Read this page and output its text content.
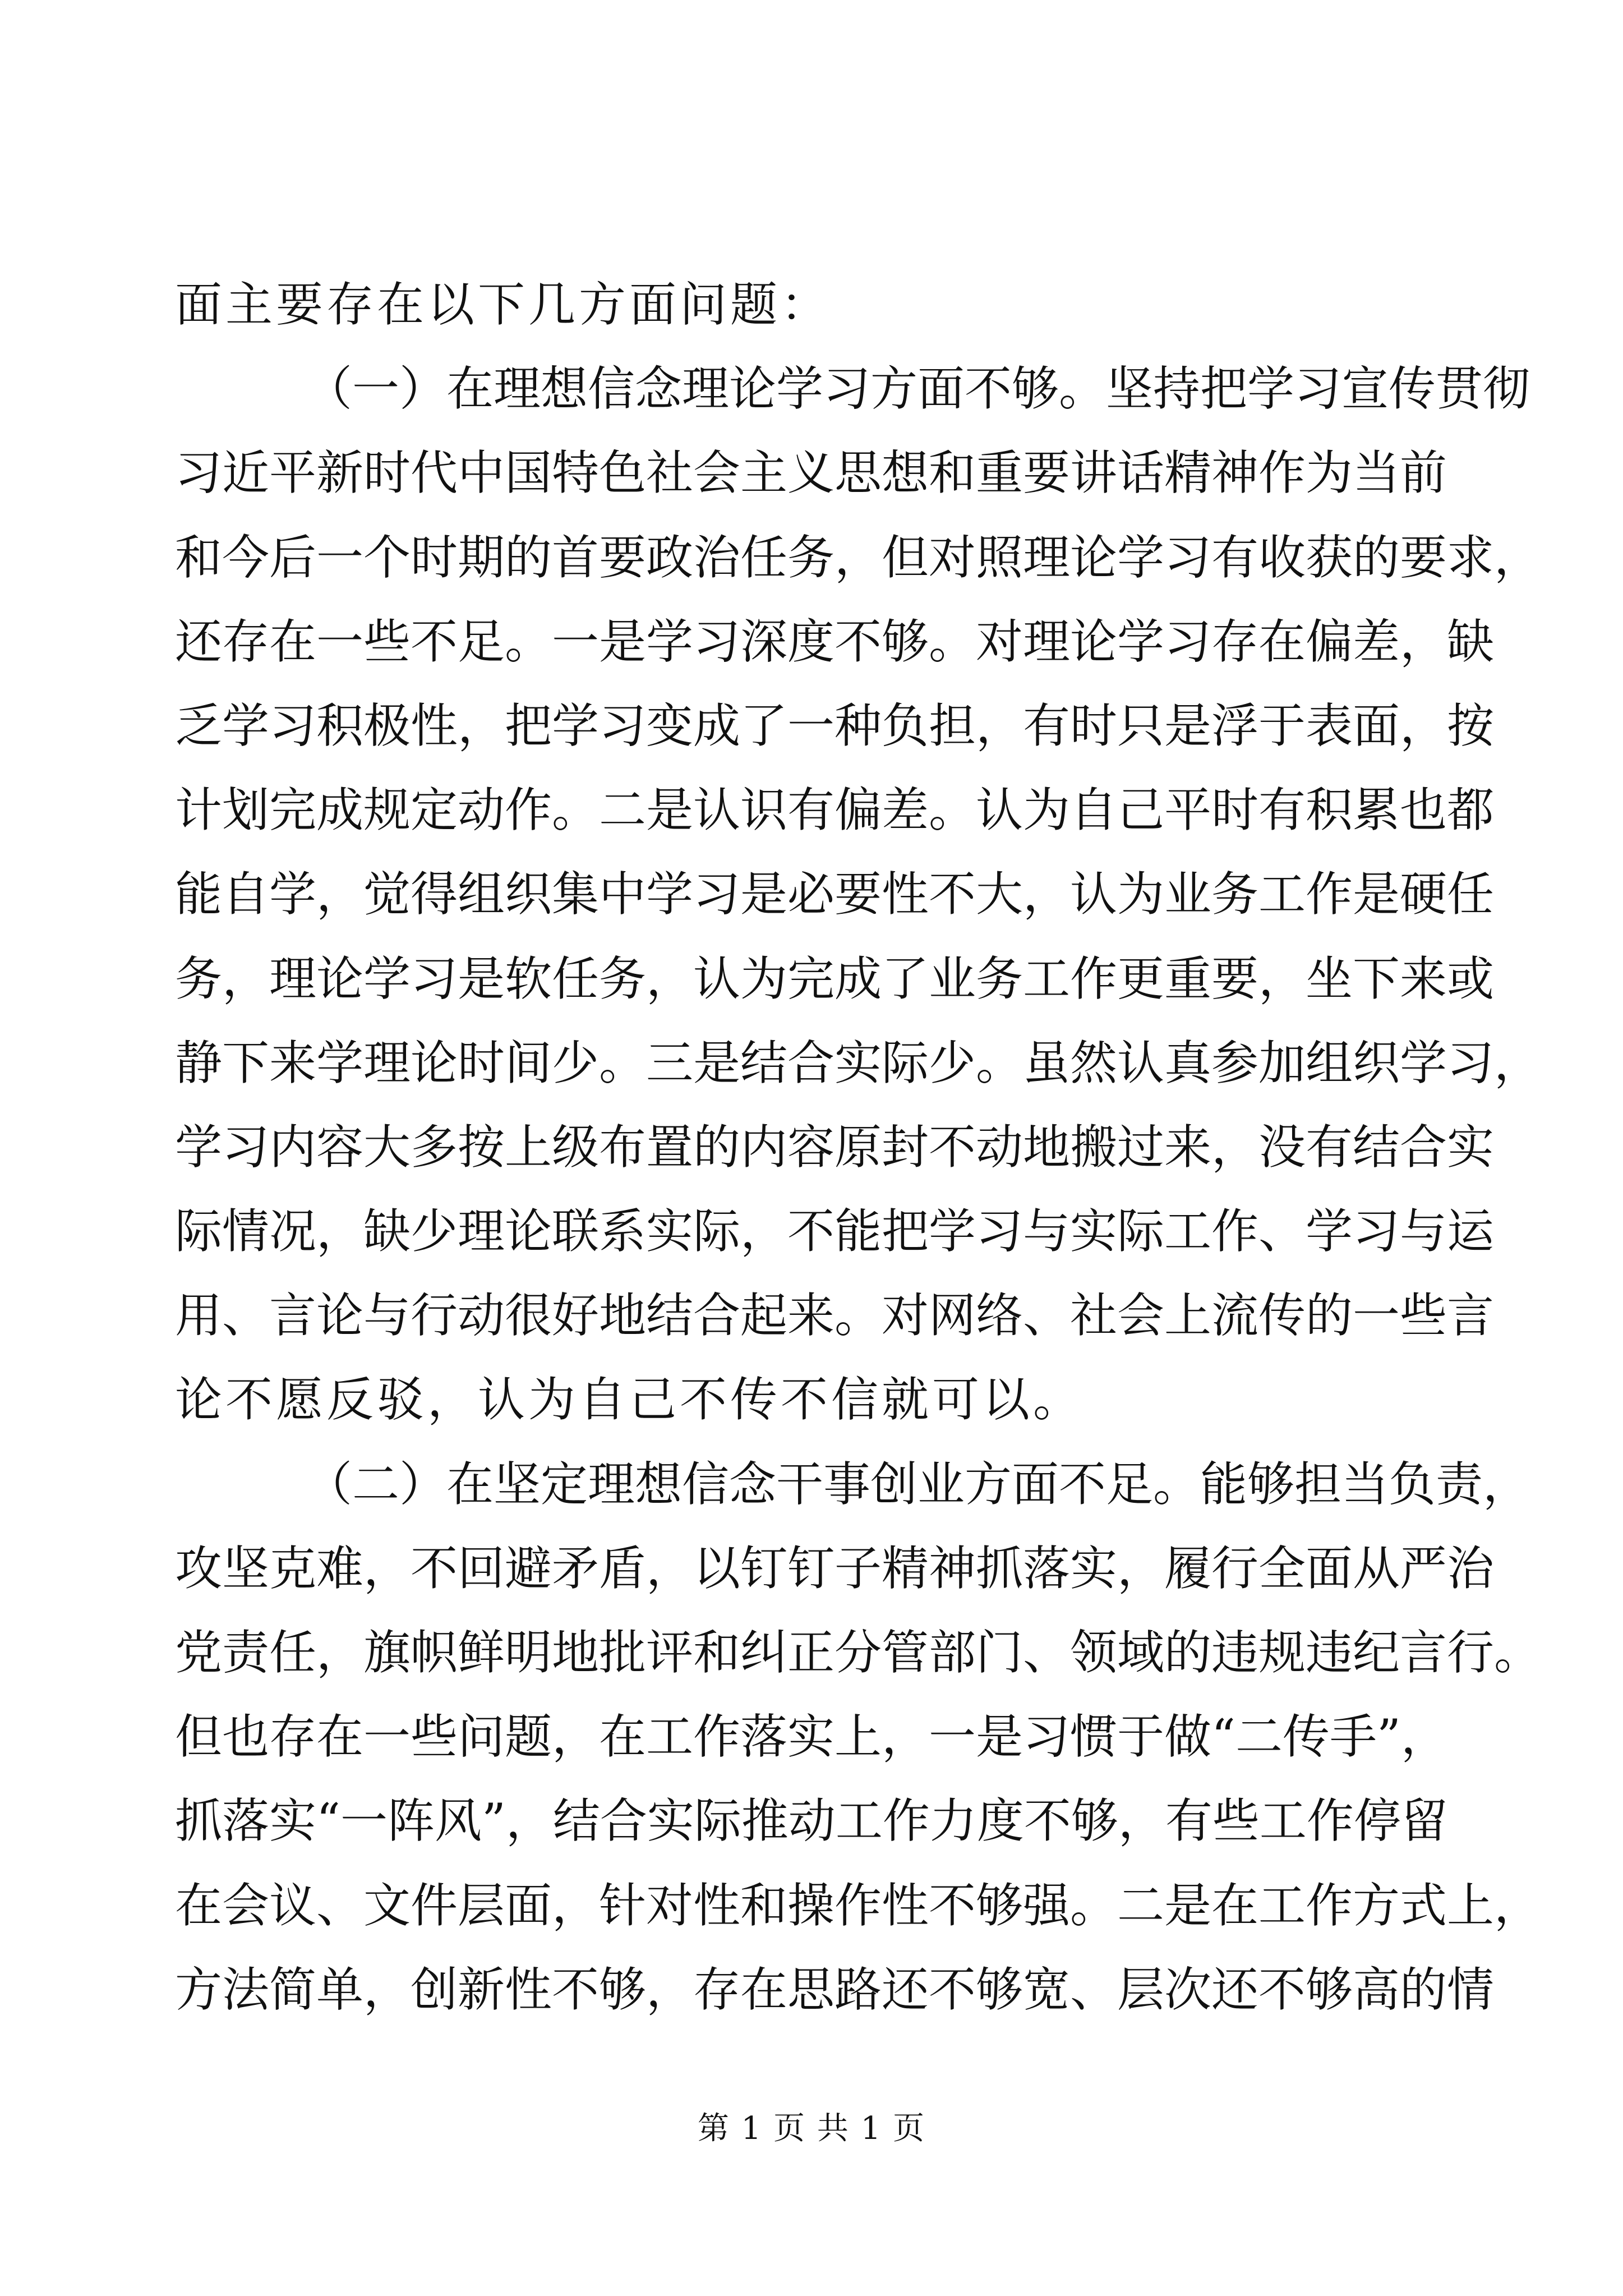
面主要存在以下几方面问题：
（一）在理想信念理论学习方面不够。坚持把学习宣传贯彻
习近平新时代中国特色社会主义思想和重要讲话精神作为当前
和今后一个时期的首要政治任务，但对照理论学习有收获的要求，
还存在一些不足。一是学习深度不够。对理论学习存在偏差，缺
乏学习积极性，把学习变成了一种负担，有时只是浮于表面，按
计划完成规定动作。二是认识有偏差。认为自己平时有积累也都
能自学，觉得组织集中学习是必要性不大，认为业务工作是硬任
务，理论学习是软任务，认为完成了业务工作更重要，坐下来或
静下来学理论时间少。三是结合实际少。虽然认真参加组织学习，
学习内容大多按上级布置的内容原封不动地搬过来，没有结合实
际情况，缺少理论联系实际，不能把学习与实际工作、学习与运
用、言论与行动很好地结合起来。对网络、社会上流传的一些言
论不愿反驳，认为自己不传不信就可以。
（二）在坚定理想信念干事创业方面不足。能够担当负责，
攻坚克难，不回避矛盾，以钉钉子精神抓落实，履行全面从严治
党责任，旗帜鲜明地批评和纠正分管部门、领域的违规违纪言行。
但也存在一些问题，在工作落实上，一是习惯于做“二传手”，
抓落实“一阵风”，结合实际推动工作力度不够，有些工作停留
在会议、文件层面，针对性和操作性不够强。二是在工作方式上，
方法简单，创新性不够，存在思路还不够宽、层次还不够高的情
第 1 页 共 1 页
